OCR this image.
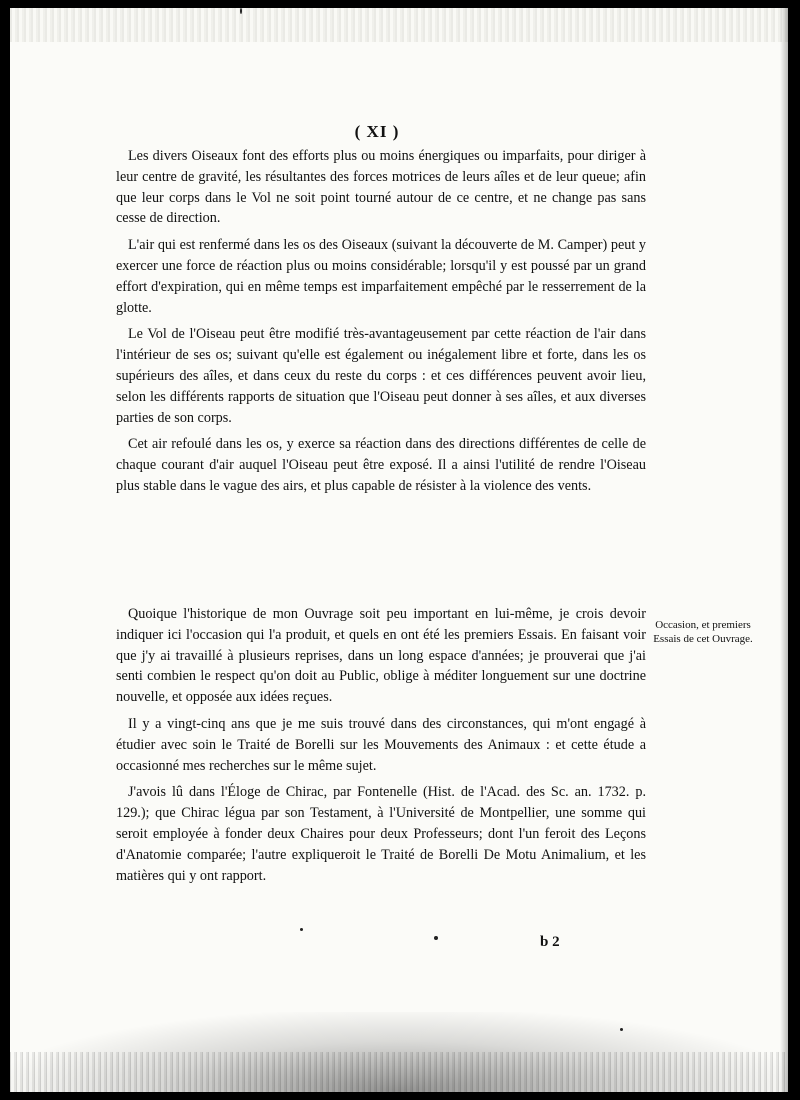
( XI )

Les divers Oiseaux font des efforts plus ou moins énergiques ou imparfaits, pour diriger à leur centre de gravité, les résultantes des forces motrices de leurs aîles et de leur queue; afin que leur corps dans le Vol ne soit point tourné autour de ce centre, et ne change pas sans cesse de direction.

L'air qui est renfermé dans les os des Oiseaux (suivant la découverte de M. Camper) peut y exercer une force de réaction plus ou moins considérable; lorsqu'il y est poussé par un grand effort d'expiration, qui en même temps est imparfaitement empêché par le resserrement de la glotte.

Le Vol de l'Oiseau peut être modifié très-avantageusement par cette réaction de l'air dans l'intérieur de ses os; suivant qu'elle est également ou inégalement libre et forte, dans les os supérieurs des aîles, et dans ceux du reste du corps : et ces différences peuvent avoir lieu, selon les différents rapports de situation que l'Oiseau peut donner à ses aîles, et aux diverses parties de son corps.

Cet air refoulé dans les os, y exerce sa réaction dans des directions différentes de celle de chaque courant d'air auquel l'Oiseau peut être exposé. Il a ainsi l'utilité de rendre l'Oiseau plus stable dans le vague des airs, et plus capable de résister à la violence des vents.

Quoique l'historique de mon Ouvrage soit peu important en lui-même, je crois devoir indiquer ici l'occasion qui l'a produit, et quels en ont été les premiers Essais. En faisant voir que j'y ai travaillé à plusieurs reprises, dans un long espace d'années; je prouverai que j'ai senti combien le respect qu'on doit au Public, oblige à méditer longuement sur une doctrine nouvelle, et opposée aux idées reçues.

Il y a vingt-cinq ans que je me suis trouvé dans des circonstances, qui m'ont engagé à étudier avec soin le Traité de Borelli sur les Mouvements des Animaux : et cette étude a occasionné mes recherches sur le même sujet.

J'avois lû dans l'Éloge de Chirac, par Fontenelle (Hist. de l'Acad. des Sc. an. 1732. p. 129.); que Chirac légua par son Testament, à l'Université de Montpellier, une somme qui seroit employée à fonder deux Chaires pour deux Professeurs; dont l'un feroit des Leçons d'Anatomie comparée; l'autre expliqueroit le Traité de Borelli De Motu Animalium, et les matières qui y ont rapport.

Occasion, et premiers Essais de cet Ouvrage.
b 2
